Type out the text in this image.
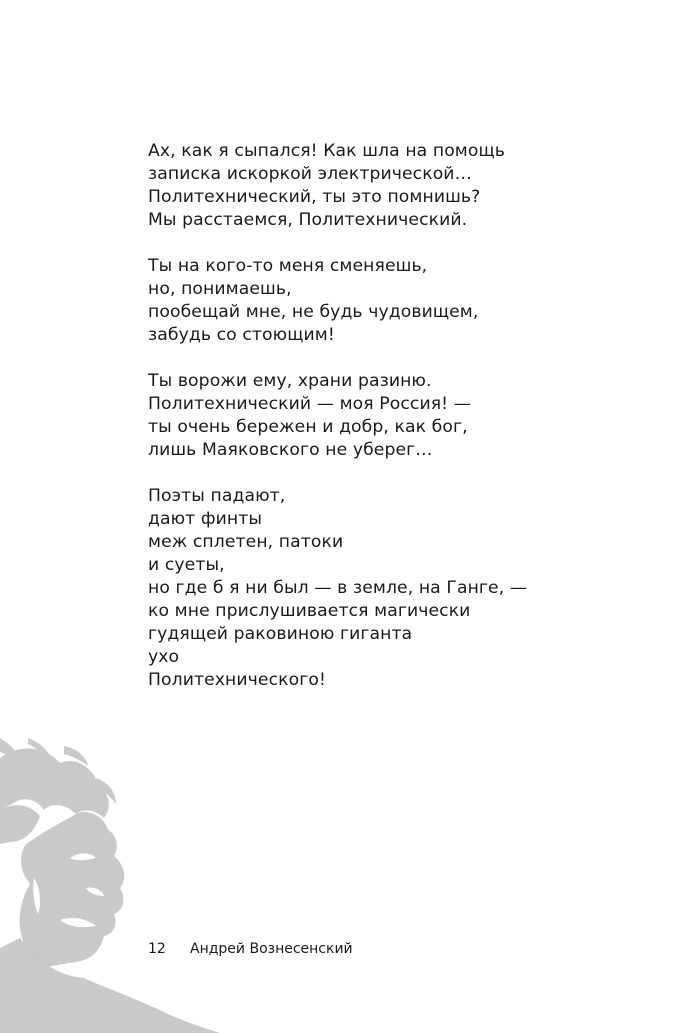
Ах, как я сыпался! Как шла на помощь
записка искоркой электрической…
Политехнический, ты это помнишь?
Мы расстаемся, Политехнический.
Ты на кого-то меня сменяешь,
но, понимаешь,
пообещай мне, не будь чудовищем,
забудь со стоющим!
Ты ворожи ему, храни разиню.
Политехнический — моя Россия! —
ты очень бережен и добр, как бог,
лишь Маяковского не уберег…
Поэты падают,
дают финты
меж сплетен, патоки
и суеты,
но где б я ни был — в земле, на Ганге, —
ко мне прислушивается магически
гудящей раковиною гиганта
ухо
Политехнического!
12 Андрей Вознесенский
